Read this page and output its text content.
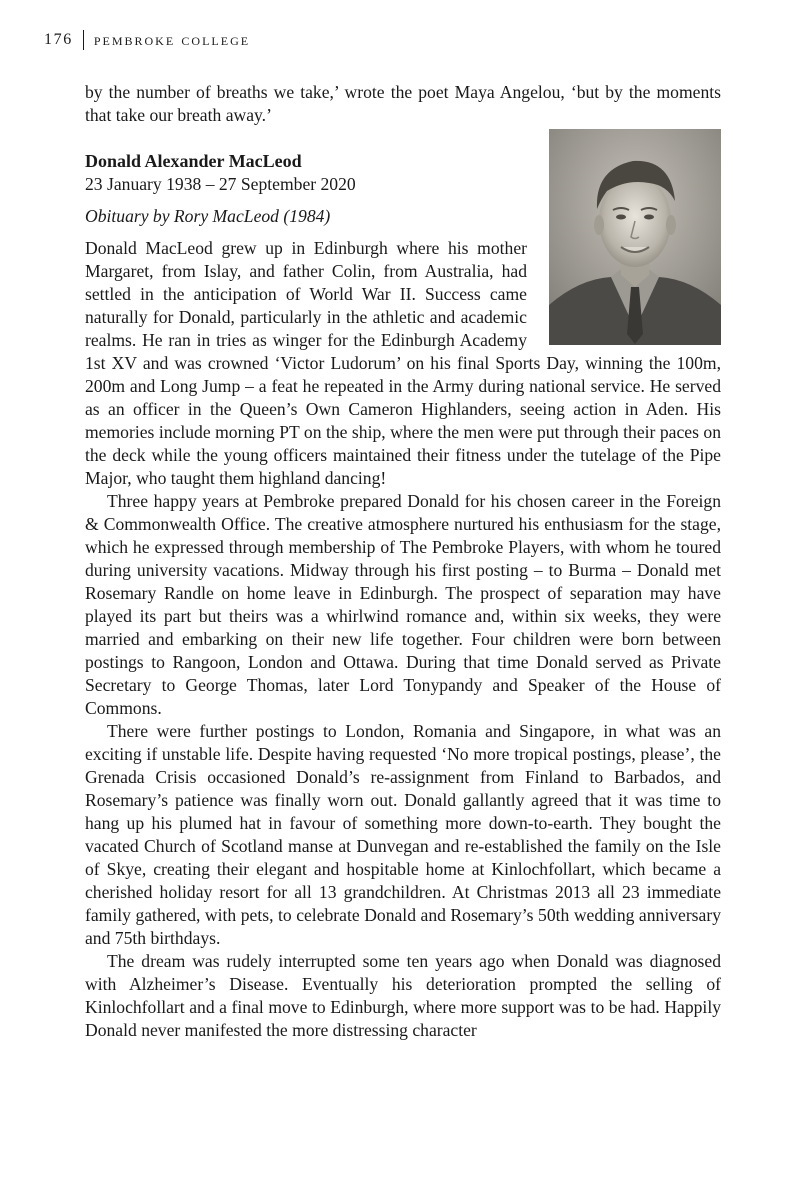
176 pembroke college

by the number of breaths we take,’ wrote the poet Maya Angelou, ‘but by the moments that take our breath away.’

Donald Alexander MacLeod

23 January 1938 – 27 September 2020

Obituary by Rory MacLeod (1984)

Donald MacLeod grew up in Edinburgh where his mother Margaret, from Islay, and father Colin, from Australia, had settled in the anticipation of World War II. Success came naturally for Donald, particularly in the athletic and academic realms. He ran in tries as winger for the Edinburgh Academy 1st XV and was crowned ‘Victor Ludorum’ on his final Sports Day, winning the 100m, 200m and Long Jump – a feat he repeated in the Army during national service. He served as an officer in the Queen’s Own Cameron Highlanders, seeing action in Aden. His memories include morning PT on the ship, where the men were put through their paces on the deck while the young officers maintained their fitness under the tutelage of the Pipe Major, who taught them highland dancing!

Three happy years at Pembroke prepared Donald for his chosen career in the Foreign & Commonwealth Office. The creative atmosphere nurtured his enthusiasm for the stage, which he expressed through membership of The Pembroke Players, with whom he toured during university vacations. Midway through his first posting – to Burma – Donald met Rosemary Randle on home leave in Edinburgh. The prospect of separation may have played its part but theirs was a whirlwind romance and, within six weeks, they were married and embarking on their new life together. Four children were born between postings to Rangoon, London and Ottawa. During that time Donald served as Private Secretary to George Thomas, later Lord Tonypandy and Speaker of the House of Commons.

There were further postings to London, Romania and Singapore, in what was an exciting if unstable life. Despite having requested ‘No more tropical postings, please’, the Grenada Crisis occasioned Donald’s re-assignment from Finland to Barbados, and Rosemary’s patience was finally worn out. Donald gallantly agreed that it was time to hang up his plumed hat in favour of something more down-to-earth. They bought the vacated Church of Scotland manse at Dunvegan and re-established the family on the Isle of Skye, creating their elegant and hospitable home at Kinlochfollart, which became a cherished holiday resort for all 13 grandchildren. At Christmas 2013 all 23 immediate family gathered, with pets, to celebrate Donald and Rosemary’s 50th wedding anniversary and 75th birthdays.

The dream was rudely interrupted some ten years ago when Donald was diagnosed with Alzheimer’s Disease. Eventually his deterioration prompted the selling of Kinlochfollart and a final move to Edinburgh, where more support was to be had. Happily Donald never manifested the more distressing character
